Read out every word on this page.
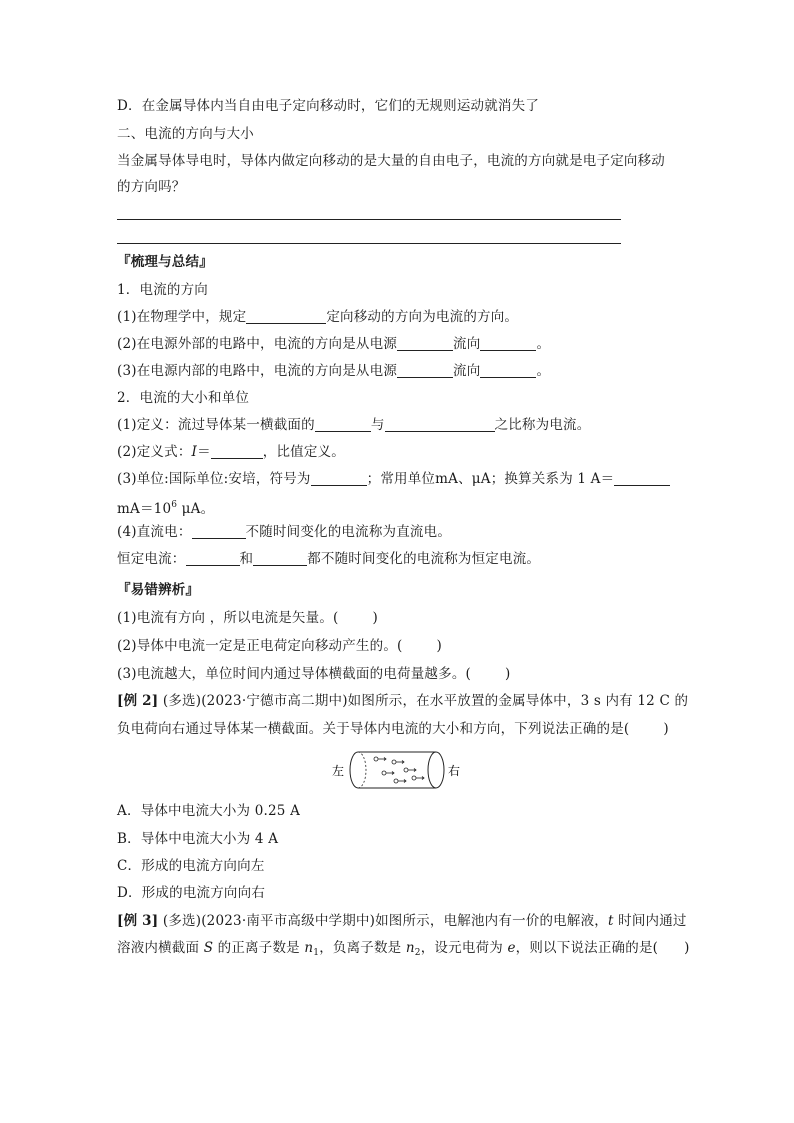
D．在金属导体内当自由电子定向移动时，它们的无规则运动就消失了
二、电流的方向与大小
当金属导体导电时，导体内做定向移动的是大量的自由电子，电流的方向就是电子定向移动
的方向吗？
『梳理与总结』
1．电流的方向
(1)在物理学中，规定	定向移动的方向为电流的方向。
(2)在电源外部的电路中，电流的方向是从电源	流向	。
(3)在电源内部的电路中，电流的方向是从电源	流向	。
2．电流的大小和单位
(1)定义：流过导体某一横截面的	与	之比称为电流。
(2)定义式：I＝	，比值定义。
(3)单位:国际单位:安培，符号为	；常用单位mA、μA；换算关系为 1 A＝
$mA=10^6$ μA。
(4)直流电：	不随时间变化的电流称为直流电。
恒定电流：	和	都不随时间变化的电流称为恒定电流。
『易错辨析』
(1)电流有方向 ，所以电流是矢量。(	)
(2)导体中电流一定是正电荷定向移动产生的。(	)
(3)电流越大，单位时间内通过导体横截面的电荷量越多。(	)
[例 2] (多选)(2023·宁德市高二期中)如图所示，在水平放置的金属导体中，3 s 内有 12 C 的
负电荷向右通过导体某一横截面。关于导体内电流的大小和方向，下列说法正确的是(	)
左	右
A．导体中电流大小为 0.25 A
B．导体中电流大小为 4 A
C．形成的电流方向向左
D．形成的电流方向向右
[例 3] (多选)(2023·南平市高级中学期中)如图所示，电解池内有一价的电解液，t 时间内通过
溶液内横截面 S 的正离子数是 $n_1$，负离子数是 $n_2$，设元电荷为 e，则以下说法正确的是( )
